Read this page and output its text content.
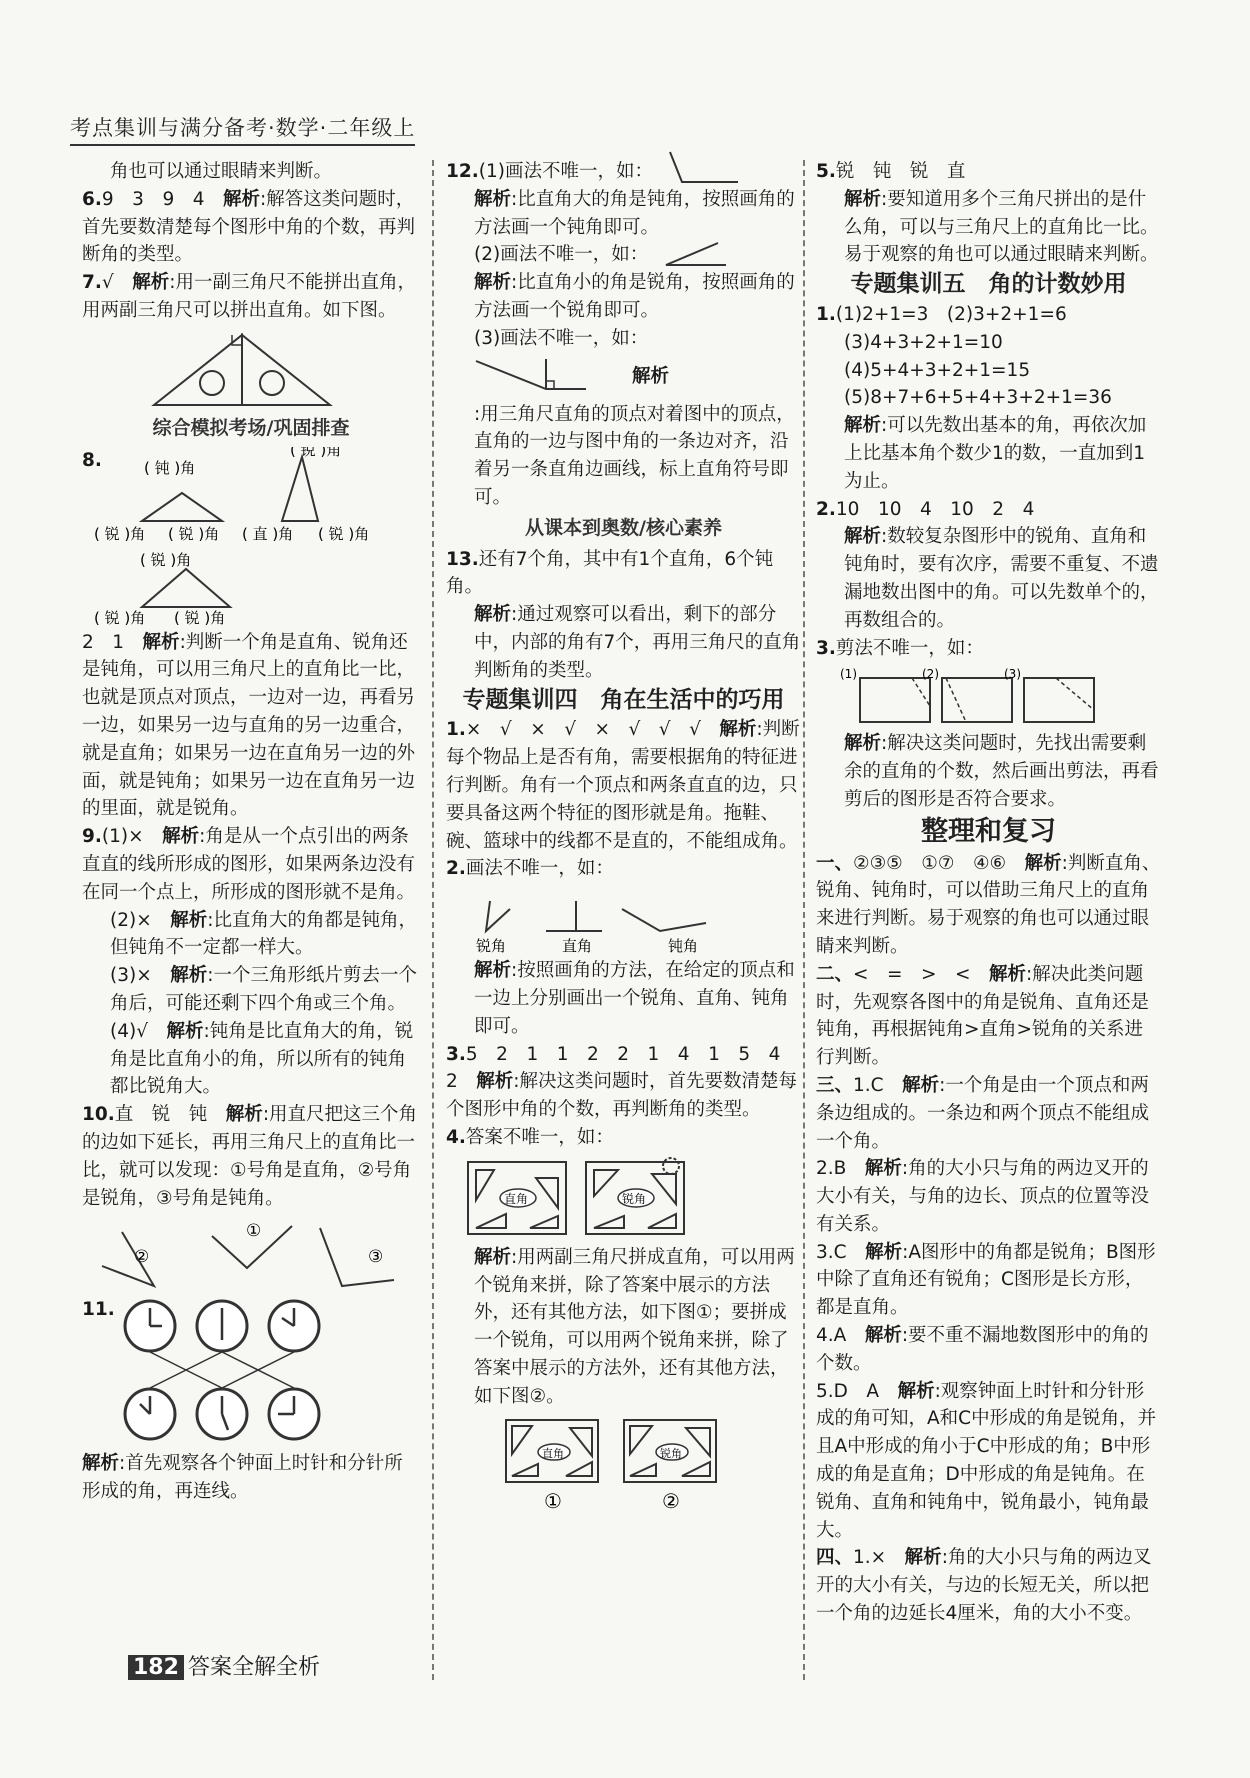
考点集训与满分备考·数学·二年级上

角也可以通过眼睛来判断。

6.9　3　9　4　解析:解答这类问题时，首先要数清楚每个图形中角的个数，再判断角的类型。

7.√　解析:用一副三角尺不能拼出直角，用两副三角尺可以拼出直角。如下图。

综合模拟考场/巩固排查

8.	( 钝 )角
( 锐 )角
( 锐 )角 ( 锐 )角 ( 直 )角 ( 锐 )角
( 锐 )角
( 锐 )角 ( 锐 )角

2　1　解析:判断一个角是直角、锐角还是钝角，可以用三角尺上的直角比一比，也就是顶点对顶点，一边对一边，再看另一边，如果另一边与直角的另一边重合，就是直角；如果另一边在直角另一边的外面，就是钝角；如果另一边在直角另一边的里面，就是锐角。

9.(1)×　解析:角是从一个点引出的两条直直的线所形成的图形，如果两条边没有在同一个点上，所形成的图形就不是角。

(2)×　解析:比直角大的角都是钝角，但钝角不一定都一样大。

(3)×　解析:一个三角形纸片剪去一个角后，可能还剩下四个角或三个角。

(4)√　解析:钝角是比直角大的角，锐角是比直角小的角，所以所有的钝角都比锐角大。

10.直　锐　钝　解析:用直尺把这三个角的边如下延长，再用三角尺上的直角比一比，就可以发现：①号角是直角，②号角是锐角，③号角是钝角。

②
①
③
11.

解析:首先观察各个钟面上时针和分针所形成的角，再连线。

12.(1)画法不唯一，如：

解析:比直角大的角是钝角，按照画角的方法画一个钝角即可。

(2)画法不唯一，如：

解析:比直角小的角是锐角，按照画角的方法画一个锐角即可。

(3)画法不唯一，如：

解析

:用三角尺直角的顶点对着图中的顶点，直角的一边与图中角的一条边对齐，沿着另一条直角边画线，标上直角符号即可。

从课本到奥数/核心素养

13.还有7个角，其中有1个直角，6个钝角。

解析:通过观察可以看出，剩下的部分中，内部的角有7个，再用三角尺的直角判断角的类型。

专题集训四　角在生活中的巧用

1.×　√　×　√　×　√　√　√　解析:判断每个物品上是否有角，需要根据角的特征进行判断。角有一个顶点和两条直直的边，只要具备这两个特征的图形就是角。拖鞋、碗、篮球中的线都不是直的，不能组成角。

2.画法不唯一，如：

锐角	直角	钝角

解析:按照画角的方法，在给定的顶点和一边上分别画出一个锐角、直角、钝角即可。

3.5　2　1　1　2　2　1　4　1　5　4　2　解析:解决这类问题时，首先要数清楚每个图形中角的个数，再判断角的类型。

4.答案不唯一，如：

直角	锐角

解析:用两副三角尺拼成直角，可以用两个锐角来拼，除了答案中展示的方法外，还有其他方法，如下图①；要拼成一个锐角，可以用两个锐角来拼，除了答案中展示的方法外，还有其他方法，如下图②。

直角	锐角
①	②

5.锐　钝　锐　直

解析:要知道用多个三角尺拼出的是什么角，可以与三角尺上的直角比一比。易于观察的角也可以通过眼睛来判断。

专题集训五　角的计数妙用

1.(1)2+1=3　(2)3+2+1=6

(3)4+3+2+1=10

(4)5+4+3+2+1=15

(5)8+7+6+5+4+3+2+1=36

解析:可以先数出基本的角，再依次加上比基本角个数少1的数，一直加到1为止。

2.10　10　4　10　2　4

解析:数较复杂图形中的锐角、直角和钝角时，要有次序，需要不重复、不遗漏地数出图中的角。可以先数单个的，再数组合的。

3.剪法不唯一，如：

(1)	(2)	(3)

解析:解决这类问题时，先找出需要剩余的直角的个数，然后画出剪法，再看剪后的图形是否符合要求。

整理和复习

一、②③⑤　①⑦　④⑥　解析:判断直角、锐角、钝角时，可以借助三角尺上的直角来进行判断。易于观察的角也可以通过眼睛来判断。

二、<　=　>　<　解析:解决此类问题时，先观察各图中的角是锐角、直角还是钝角，再根据钝角>直角>锐角的关系进行判断。

三、1.C　解析:一个角是由一个顶点和两条边组成的。一条边和两个顶点不能组成一个角。

2.B　解析:角的大小只与角的两边叉开的大小有关，与角的边长、顶点的位置等没有关系。

3.C　解析:A图形中的角都是锐角；B图形中除了直角还有锐角；C图形是长方形，都是直角。

4.A　解析:要不重不漏地数图形中的角的个数。

5.D　A　解析:观察钟面上时针和分针形成的角可知，A和C中形成的角是锐角，并且A中形成的角小于C中形成的角；B中形成的角是直角；D中形成的角是钝角。在锐角、直角和钝角中，锐角最小，钝角最大。

四、1.×　解析:角的大小只与角的两边叉开的大小有关，与边的长短无关，所以把一个角的边延长4厘米，角的大小不变。

182 答案全解全析
